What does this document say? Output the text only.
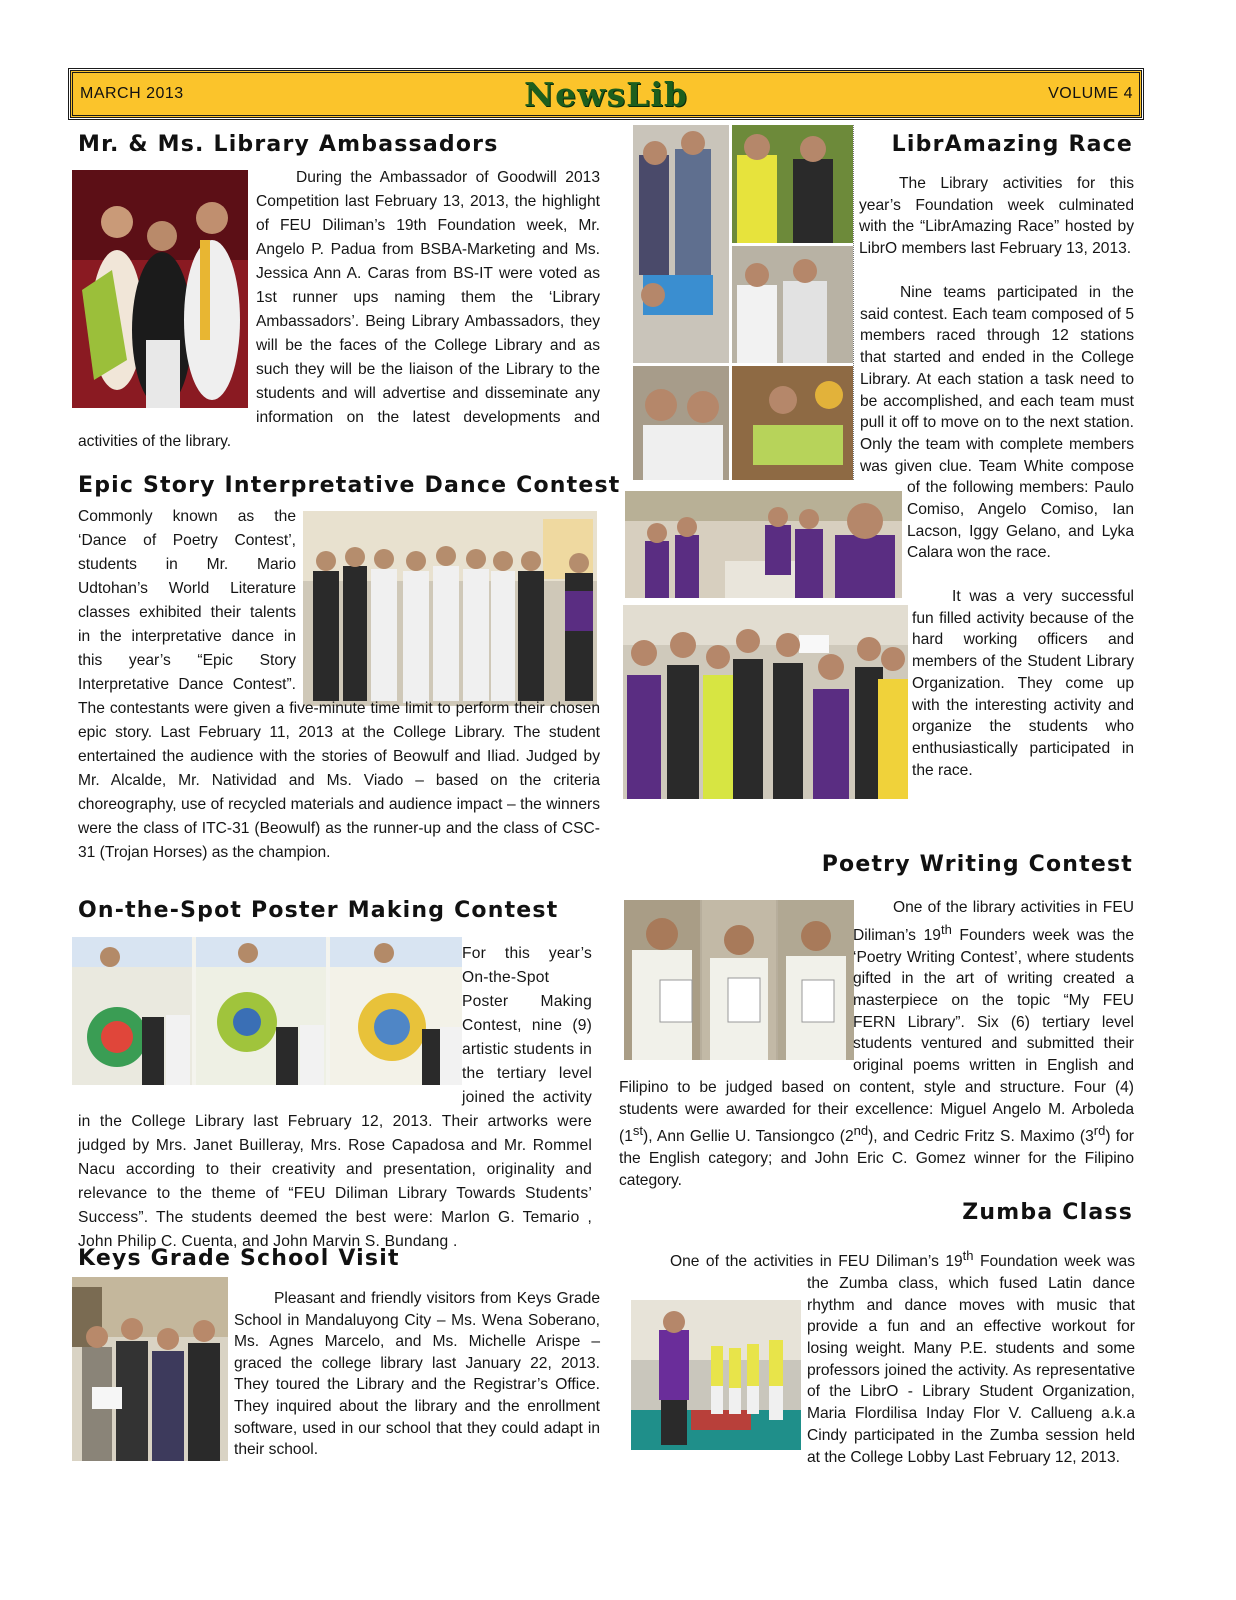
MARCH 2013	NewsLib	VOLUME 4
Mr. & Ms. Library Ambassadors

During the Ambassador of Goodwill 2013 Competition last February 13, 2013, the highlight of FEU Diliman’s 19th Foundation week, Mr. Angelo P. Padua from BSBA-Marketing and Ms. Jessica Ann A. Caras from BS-IT were voted as 1st runner ups naming them the ‘Library Ambassadors’. Being Library Ambassadors, they will be the faces of the College Library and as such they will be the liaison of the Library to the students and will advertise and disseminate any information on the latest developments and activities of the library.

Epic Story Interpretative Dance Contest

Commonly known as the ‘Dance of Poetry Contest’, students in Mr. Mario Udtohan’s World Literature classes exhibited their talents in the interpretative dance in this year’s “Epic Story Interpretative Dance Contest”. The contestants were given a five-minute time limit to perform their chosen epic story. Last February 11, 2013 at the College Library. The student entertained the audience with the stories of Beowulf and Iliad. Judged by Mr. Alcalde, Mr. Natividad and Ms. Viado – based on the criteria choreography, use of recycled materials and audience impact – the winners were the class of ITC-31 (Beowulf) as the runner-up and the class of CSC-31 (Trojan Horses) as the champion.

On-the-Spot Poster Making Contest

For this year’s On-the-Spot Poster Making Contest, nine (9) artistic students in the tertiary level joined the activity in the College Library last February 12, 2013. Their artworks were judged by Mrs. Janet Builleray, Mrs. Rose Capadosa and Mr. Rommel Nacu according to their creativity and presentation, originality and relevance to the theme of “FEU Diliman Library Towards Students’ Success”. The students deemed the best were: Marlon G. Temario , John Philip C. Cuenta, and John Marvin S. Bundang .

Keys Grade School Visit

Pleasant and friendly visitors from Keys Grade School in Mandaluyong City – Ms. Wena Soberano, Ms. Agnes Marcelo, and Ms. Michelle Arispe – graced the college library last January 22, 2013. They toured the Library and the Registrar’s Office. They inquired about the library and the enrollment software, used in our school that they could adapt in their school.

LibrAmazing Race

The Library activities for this year’s Foundation week culminated with the “LibrAmazing Race” hosted by LibrO members last February 13, 2013.

Nine teams participated in the said contest. Each team composed of 5 members raced through 12 stations that started and ended in the College Library. At each station a task need to be accomplished, and each team must pull it off to move on to the next station. Only the team with complete members was given clue. Team White compose of the following members: Paulo Comiso, Angelo Comiso, Ian Lacson, Iggy Gelano, and Lyka Calara won the race.

It was a very successful fun filled activity because of the hard working officers and members of the Student Library Organization. They come up with the interesting activity and organize the students who enthusiastically participated in the race.

Poetry Writing Contest

One of the library activities in FEU Diliman’s 19th Founders week was the ‘Poetry Writing Contest’, where students gifted in the art of writing created a masterpiece on the topic “My FEU FERN Library”. Six (6) tertiary level students ventured and submitted their original poems written in English and Filipino to be judged based on content, style and structure. Four (4) students were awarded for their excellence: Miguel Angelo M. Arboleda (1st), Ann Gellie U. Tansiongco (2nd), and Cedric Fritz S. Maximo (3rd) for the English category; and John Eric C. Gomez winner for the Filipino category.

Zumba Class

One of the activities in FEU Diliman’s 19th Foundation week was the Zumba class, which fused Latin dance rhythm and dance moves with music that provide a fun and an effective workout for losing weight. Many P.E. students and some professors joined the activity. As representative of the LibrO - Library Student Organization, Maria Flordilisa Inday Flor V. Callueng a.k.a Cindy participated in the Zumba session held at the College Lobby Last February 12, 2013.
